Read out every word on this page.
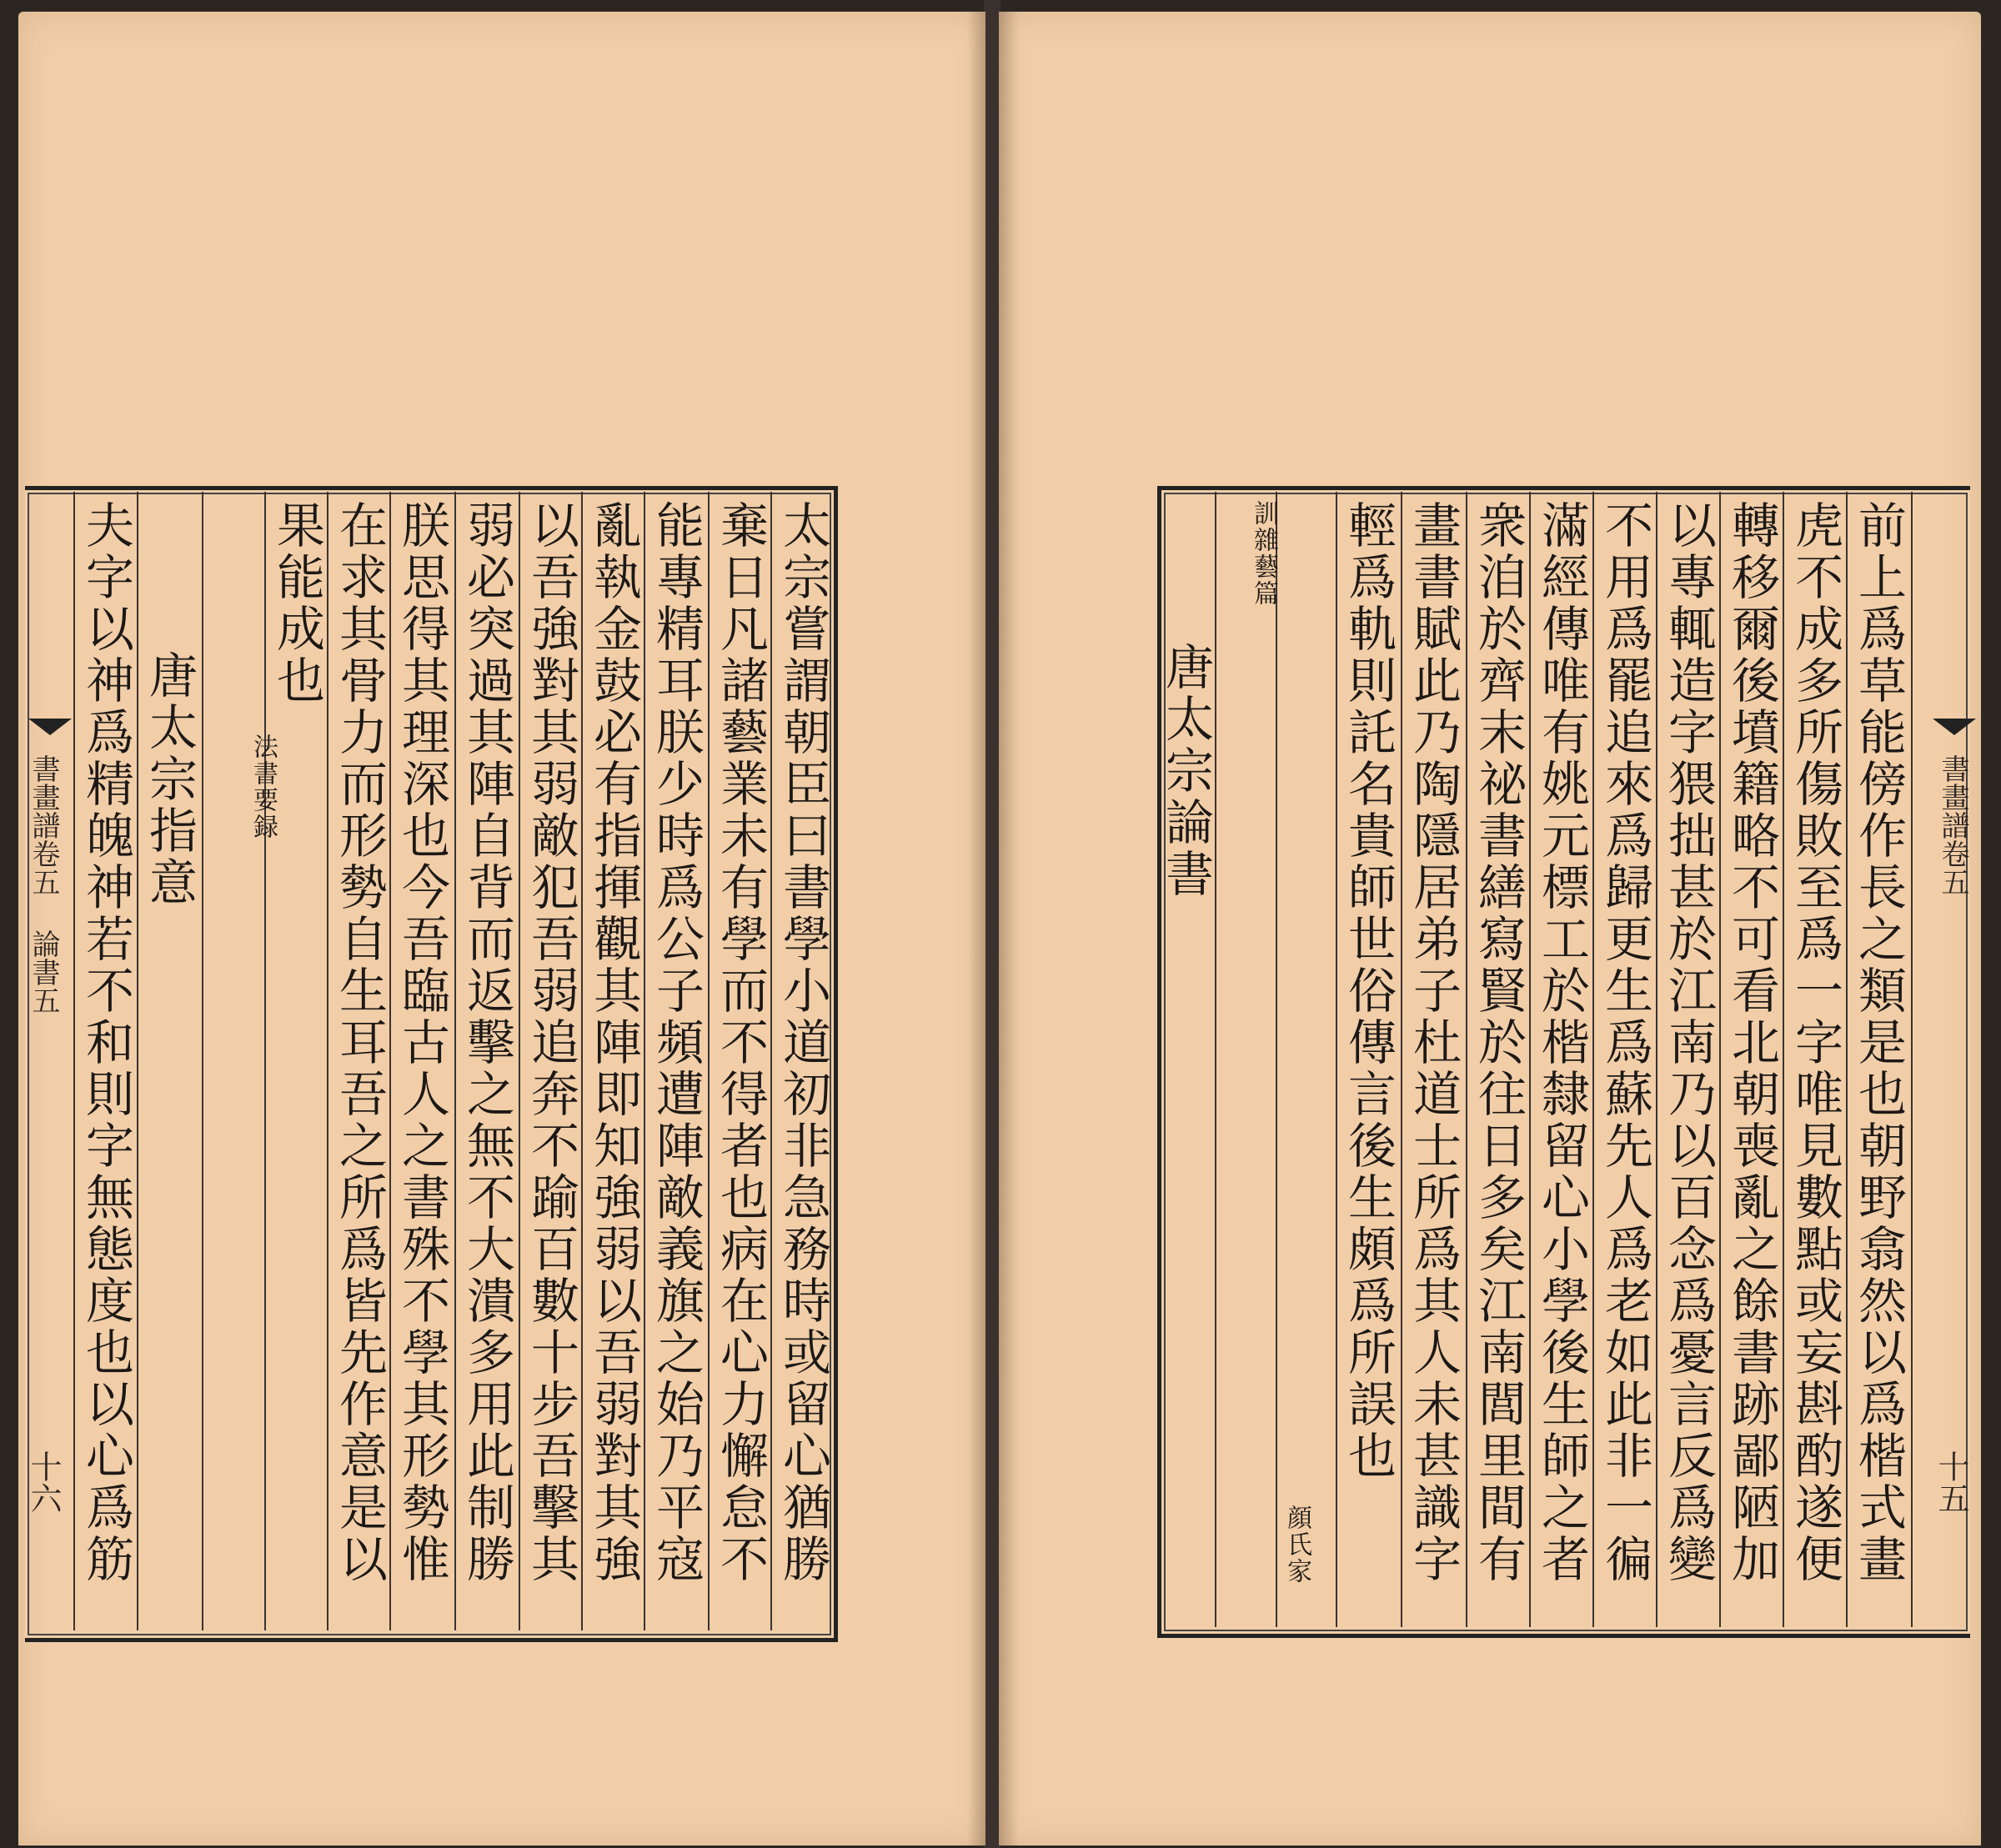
書畫譜卷五 論書五
十六	太宗嘗謂朝臣曰書學小道初非急務時或留心猶勝
棄日凡諸藝業未有學而不得者也病在心力懈怠不
能專精耳朕少時爲公子頻遭陣敵義旗之始乃平寇
亂執金鼓必有指揮觀其陣即知強弱以吾弱對其強
以吾強對其弱敵犯吾弱追奔不踰百數十步吾擊其
弱必突過其陣自背而返擊之無不大潰多用此制勝
朕思得其理深也今吾臨古人之書殊不學其形勢惟
在求其骨力而形勢自生耳吾之所爲皆先作意是以
果能成也
法書要録
唐太宗指意
夫字以神爲精魄神若不和則字無態度也以心爲筋	書畫譜卷五
十五
前上爲草能傍作長之類是也朝野翕然以爲楷式畫
虎不成多所傷敗至爲一字唯見數點或妄斟酌遂便
轉移爾後墳籍略不可看北朝喪亂之餘書跡鄙陋加
以專輒造字猥拙甚於江南乃以百念爲憂言反爲變
不用爲罷追來爲歸更生爲蘇先人爲老如此非一徧
滿經傳唯有姚元標工於楷隸留心小學後生師之者
衆洎於齊末祕書繕寫賢於往日多矣江南閭里間有
畫書賦此乃陶隱居弟子杜道士所爲其人未甚識字
輕爲軌則託名貴師世俗傳言後生頗爲所誤也
顔氏家
訓雜藝篇
唐太宗論書
